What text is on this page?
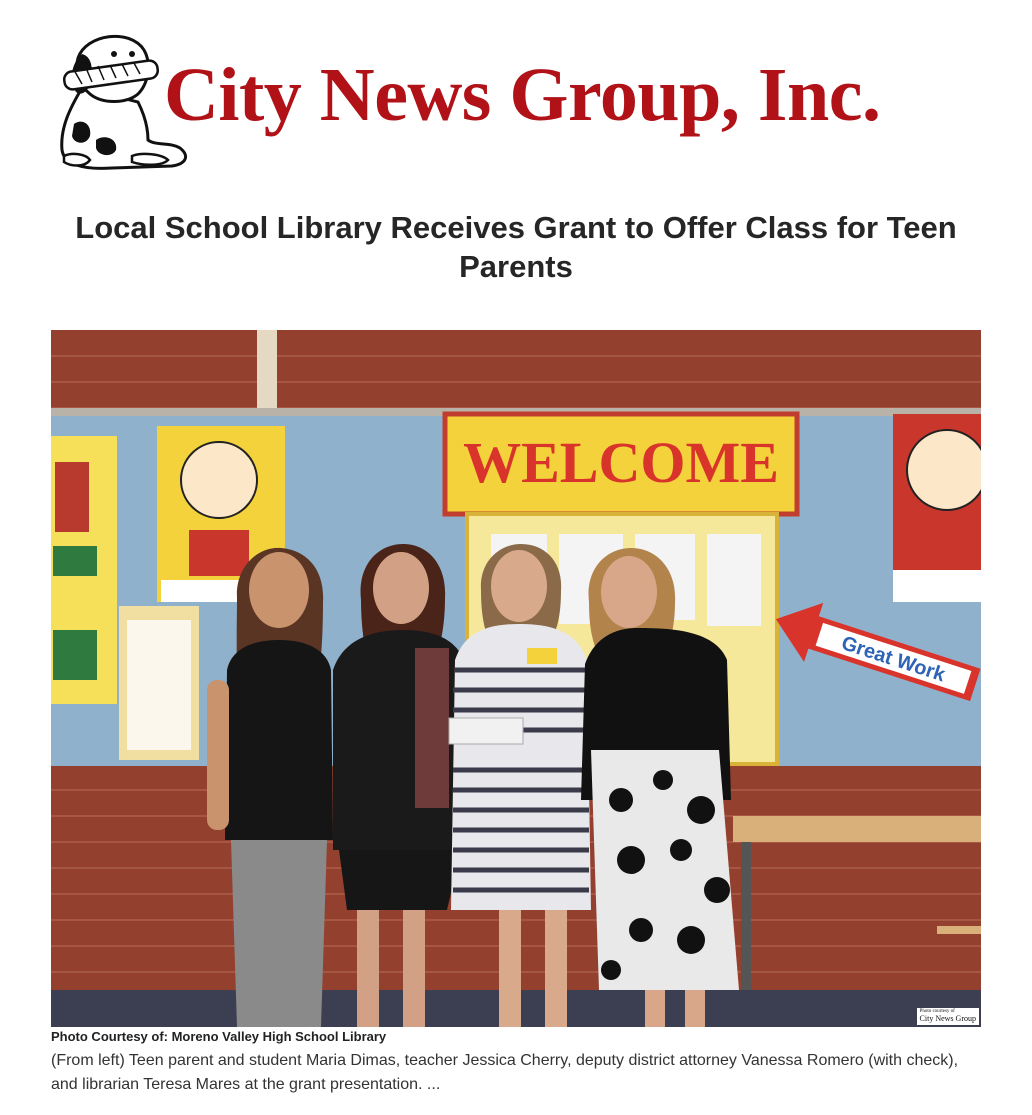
City News Group, Inc.
Local School Library Receives Grant to Offer Class for Teen Parents
WELCOME
Great Work
Photo courtesy of
City News Group
Photo Courtesy of: Moreno Valley High School Library

(From left) Teen parent and student Maria Dimas, teacher Jessica Cherry, deputy district attorney Vanessa Romero (with check), and librarian Teresa Mares at the grant presentation. ...
